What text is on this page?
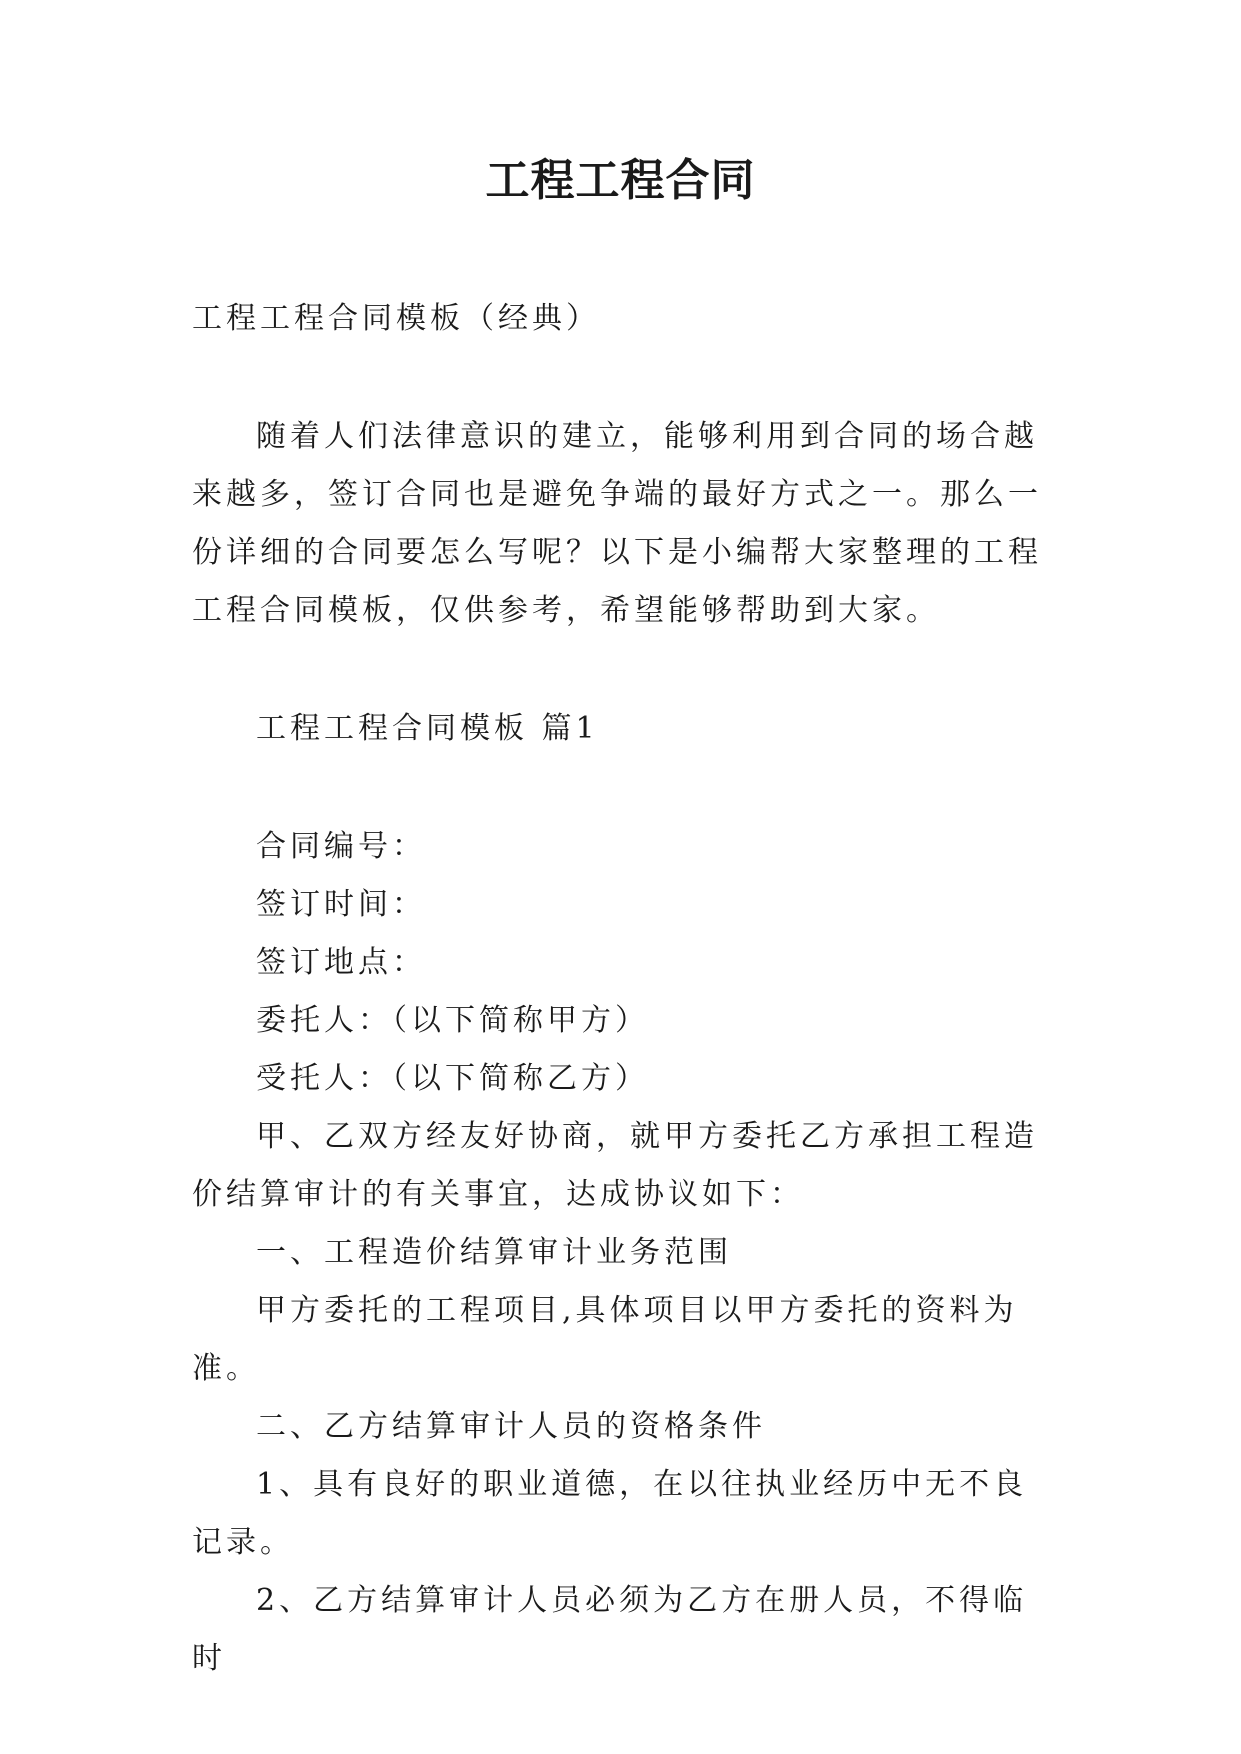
工程工程合同

工程工程合同模板（经典）

随着人们法律意识的建立，能够利用到合同的场合越来越多，签订合同也是避免争端的最好方式之一。那么一份详细的合同要怎么写呢？以下是小编帮大家整理的工程工程合同模板，仅供参考，希望能够帮助到大家。

工程工程合同模板 篇1

合同编号：

签订时间：

签订地点：

委托人：（以下简称甲方）

受托人：（以下简称乙方）

甲、乙双方经友好协商，就甲方委托乙方承担工程造价结算审计的有关事宜，达成协议如下：

一、工程造价结算审计业务范围

甲方委托的工程项目,具体项目以甲方委托的资料为准。

二、乙方结算审计人员的资格条件

1、具有良好的职业道德，在以往执业经历中无不良记录。

2、乙方结算审计人员必须为乙方在册人员，不得临时
